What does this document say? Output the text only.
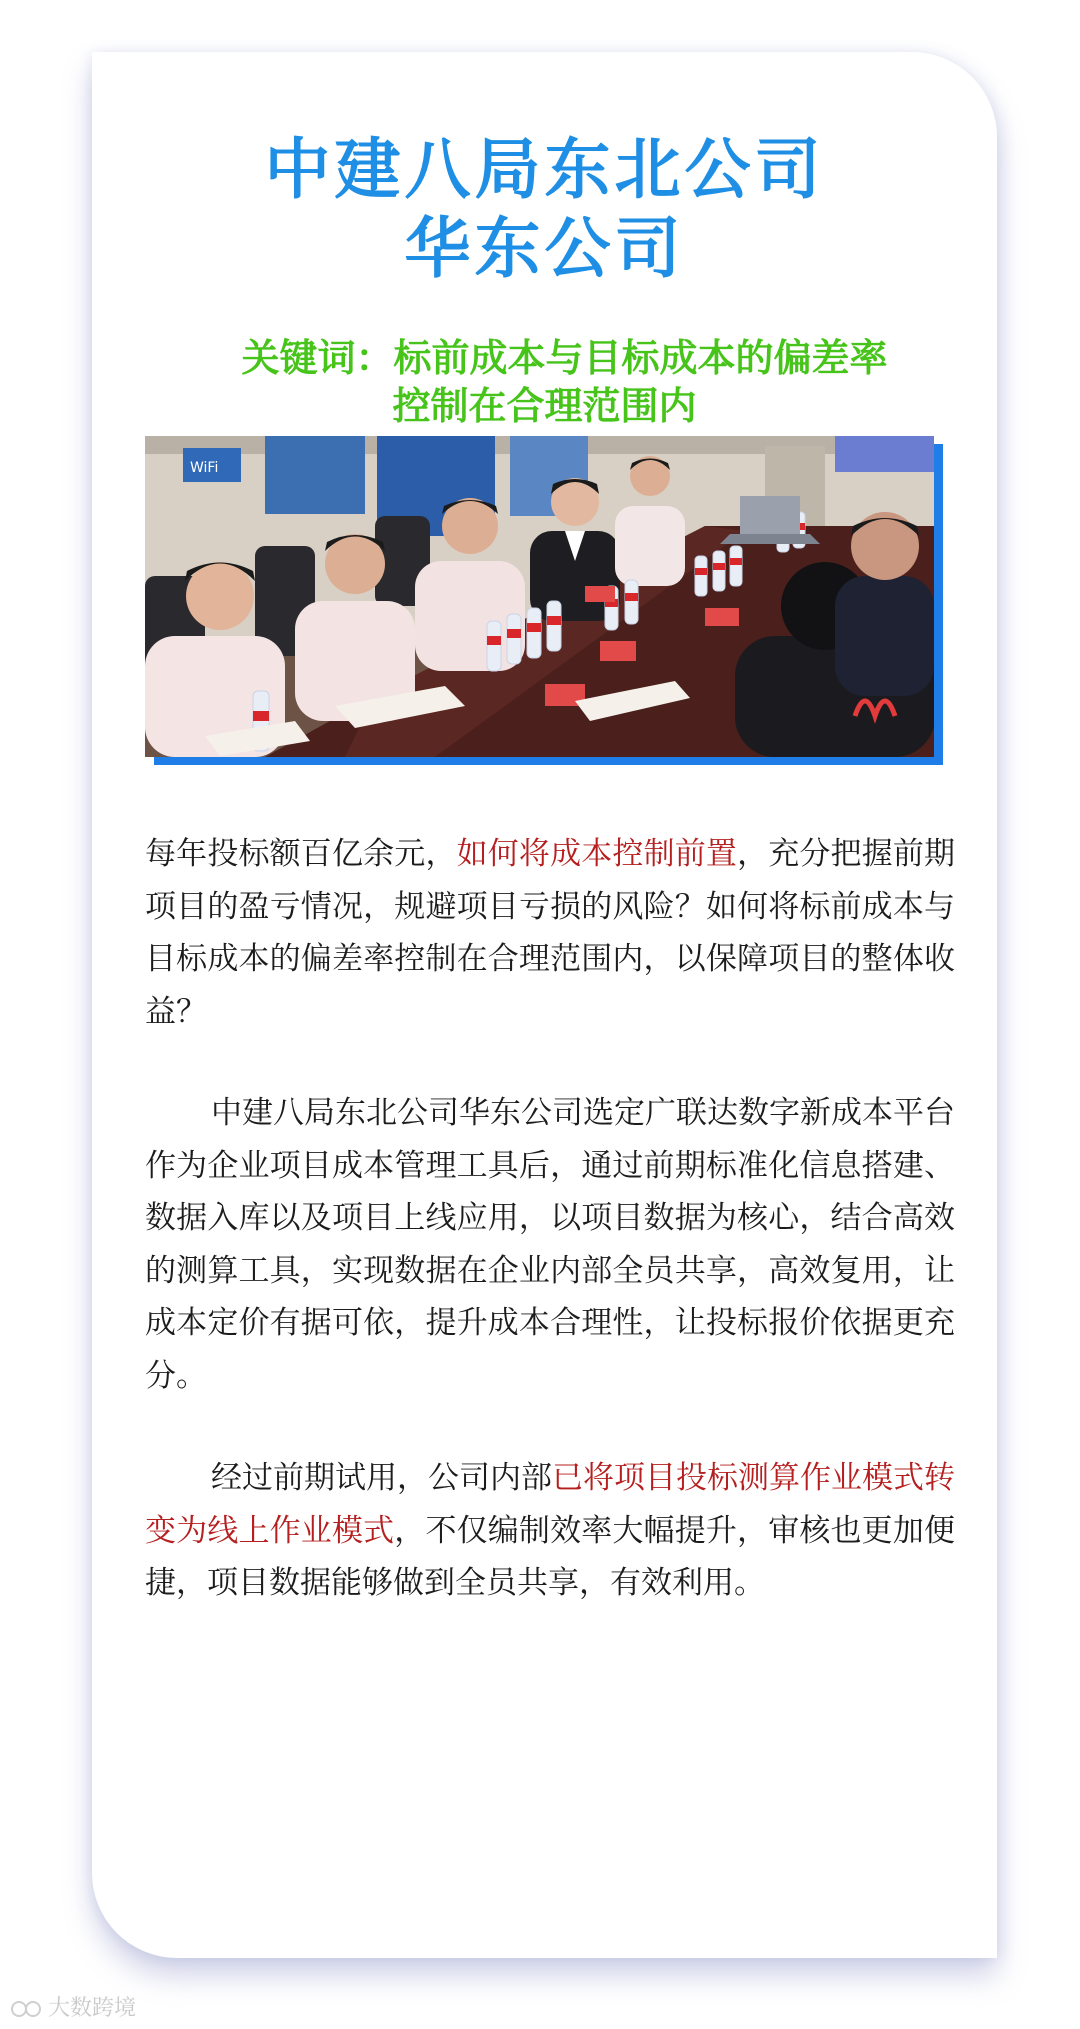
中建八局东北公司
华东公司

关键词：标前成本与目标成本的偏差率

控制在合理范围内

WiFi

每年投标额百亿余元，如何将成本控制前置，充分把握前期项目的盈亏情况，规避项目亏损的风险？如何将标前成本与目标成本的偏差率控制在合理范围内，以保障项目的整体收益？

中建八局东北公司华东公司选定广联达数字新成本平台作为企业项目成本管理工具后，通过前期标准化信息搭建、数据入库以及项目上线应用，以项目数据为核心，结合高效的测算工具，实现数据在企业内部全员共享，高效复用，让成本定价有据可依，提升成本合理性，让投标报价依据更充分。

经过前期试用，公司内部已将项目投标测算作业模式转变为线上作业模式，不仅编制效率大幅提升，审核也更加便捷，项目数据能够做到全员共享，有效利用。

大数跨境
